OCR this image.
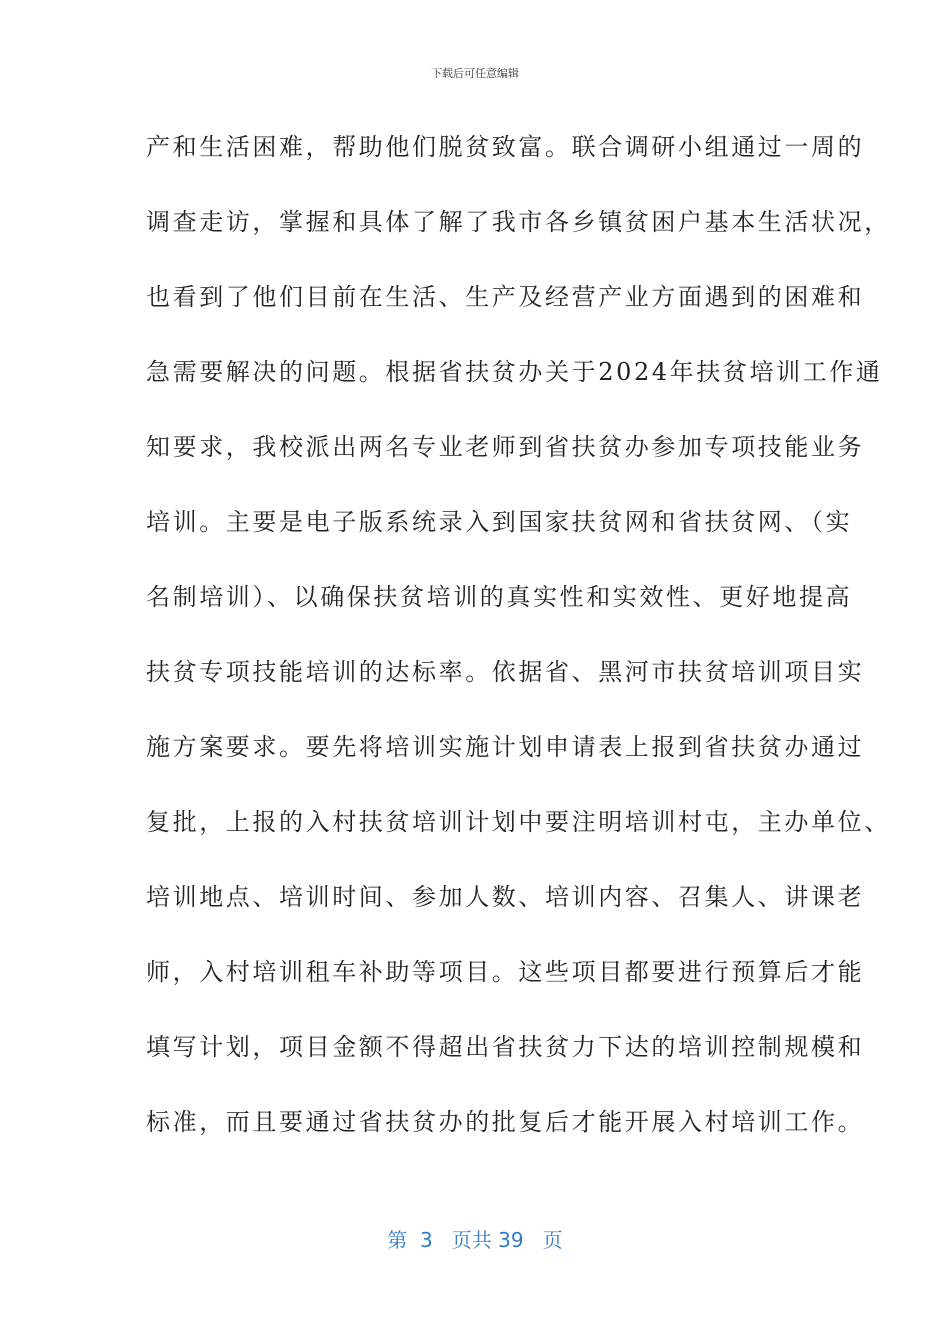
下载后可任意编辑
产和生活困难，帮助他们脱贫致富。联合调研小组通过一周的
调查走访，掌握和具体了解了我市各乡镇贫困户基本生活状况，
也看到了他们目前在生活、生产及经营产业方面遇到的困难和
急需要解决的问题。根据省扶贫办关于2024年扶贫培训工作通
知要求，我校派出两名专业老师到省扶贫办参加专项技能业务
培训。主要是电子版系统录入到国家扶贫网和省扶贫网、（实
名制培训）、以确保扶贫培训的真实性和实效性、更好地提高
扶贫专项技能培训的达标率。依据省、黑河市扶贫培训项目实
施方案要求。要先将培训实施计划申请表上报到省扶贫办通过
复批，上报的入村扶贫培训计划中要注明培训村屯，主办单位、
培训地点、培训时间、参加人数、培训内容、召集人、讲课老
师，入村培训租车补助等项目。这些项目都要进行预算后才能
填写计划，项目金额不得超出省扶贫力下达的培训控制规模和
标准，而且要通过省扶贫办的批复后才能开展入村培训工作。
第  3   页共 39   页
